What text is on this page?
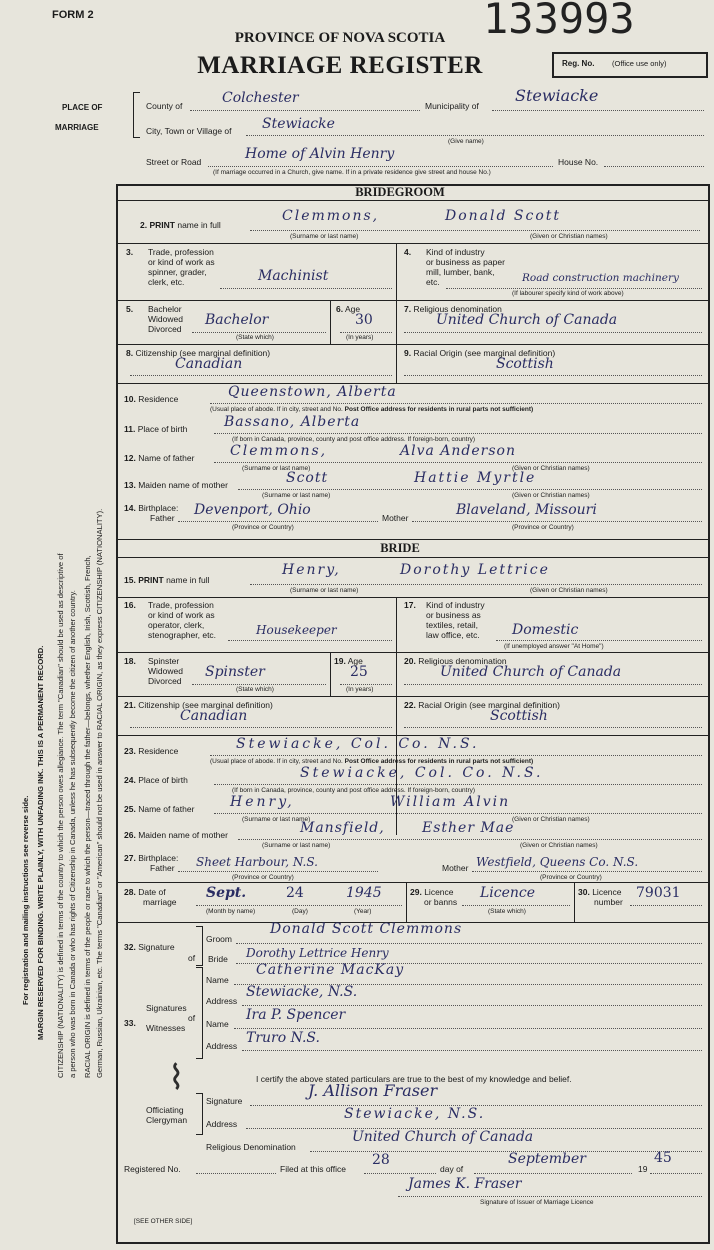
For registration and mailing instructions see reverse side. MARGIN RESERVED FOR BINDING. WRITE PLAINLY, WITH UNFADING INK. THIS IS A PERMANENT RECORD. CITIZENSHIP (NATIONALITY) is defined in terms of the country to which the person owes allegiance. The term "Canadian" should be used as descriptive of a person who was born in Canada or who has rights of Citizenship in Canada, unless he has subsequently become the citizen of another country. RACIAL ORIGIN is defined in terms of the people or race to which the person—traced through the father—belongs, whether English, Irish, Scottish, French, German, Russian, Ukrainian, etc. The terms "Canadian" or "American" should not be used in answer to RACIAL ORIGIN, as they express CITIZENSHIP (NATIONALITY).
FORM 2	133993
PROVINCE OF NOVA SCOTIA
MARRIAGE REGISTER	Reg. No. (Office use only)
PLACE OF
MARRIAGE
County of	Colchester	Municipality of
Stewiacke
City, Town or Village of Stewiacke
(Give name)
Street or Road	Home of Alvin Henry	House No.
(If marriage occurred in a Church, give name. If in a private residence give street and house No.)
BRIDEGROOM
2. PRINT name in full
Clemmons,	Donald Scott
(Surname or last name)	(Given or Christian names)
3. Trade, profession
or kind of work as
spinner, grader,
clerk, etc.	Machinist
4. Kind of industry
or business as paper
mill, lumber, bank,
etc.	Road construction machinery
(If labourer specify kind of work above)
5. Bachelor
Widowed
Divorced
Bachelor
(State which)
6. Age
30
(In years)
7. Religious denomination
United Church of Canada
8. Citizenship (see marginal definition)
Canadian
9. Racial Origin (see marginal definition)
Scottish
10. Residence	Queenstown, Alberta
(Usual place of abode. If in city, street and No. Post Office address for residents in rural parts not sufficient)
11. Place of birth	Bassano, Alberta
(If born in Canada, province, county and post office address. If foreign-born, country)
12. Name of father	Clemmons,	Alva Anderson
(Surname or last name)	(Given or Christian names)
13. Maiden name of mother	Scott	Hattie Myrtle
(Surname or last name)	(Given or Christian names)
14. Birthplace:
Father Devenport, Ohio	Mother	Blaveland, Missouri
(Province or Country)	(Province or Country)
BRIDE
15. PRINT name in full
Henry,	Dorothy Lettrice
(Surname or last name)	(Given or Christian names)
16. Trade, profession
or kind of work as
operator, clerk,
stenographer, etc.	Housekeeper
17. Kind of industry
or business as
textiles, retail,
law office, etc. Domestic
(If unemployed answer "At Home")
18. Spinster
Widowed
Divorced
Spinster
(State which)
19. Age
25
(In years)
20. Religious denomination
United Church of Canada
21. Citizenship (see marginal definition)
Canadian
22. Racial Origin (see marginal definition)
Scottish
23. Residence	Stewiacke, Col. Co. N.S.
(Usual place of abode. If in city, street and No. Post Office address for residents in rural parts not sufficient)
24. Place of birth	Stewiacke, Col. Co. N.S.
(If born in Canada, province, county and post office address. If foreign-born, country)
25. Name of father	Henry,	William Alvin
(Surname or last name)	(Given or Christian names)
26. Maiden name of mother	Mansfield,	Esther Mae
(Surname or last name)	(Given or Christian names)
27. Birthplace:
Father Sheet Harbour, N.S.	Mother Westfield, Queens Co. N.S.
(Province or Country)	(Province or Country)
28. Date of
marriage
Sept.	24	1945
(Month by name)	(Day)	(Year)
29. Licence
or banns
Licence
(State which)
30. Licence
number
79031
32. Signature
of
Groom
Donald Scott Clemmons
Bride Dorothy Lettrice Henry
33.
Signatures
of
Witnesses
Name
Catherine MacKay
Address
Stewiacke, N.S.
Name
Ira P. Spencer
Address Truro N.S.
I certify the above stated particulars are true to the best of my knowledge and belief.
⌇
Officiating
Clergyman
Signature
J. Allison Fraser
Address
Stewiacke, N.S.
Religious Denomination
United Church of Canada
Registered No.	Filed at this office
28
day of
September
19
45
James K. Fraser
Signature of Issuer of Marriage Licence
[SEE OTHER SIDE]
